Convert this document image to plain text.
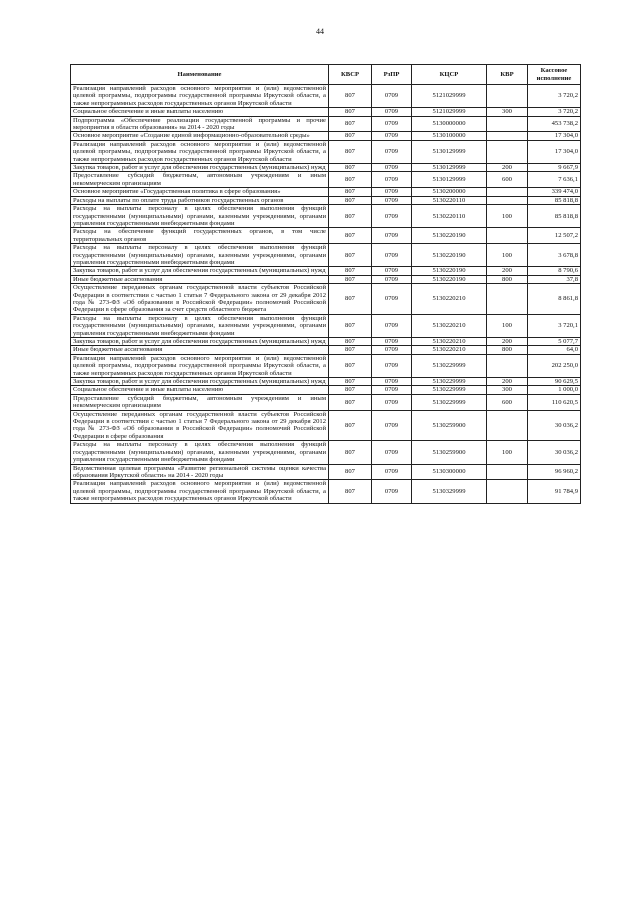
44
Наименование	КВСР	РзПР	КЦСР	КВР	Кассовое исполнение
Реализация направлений расходов основного мероприятия и (или) ведомственной целевой программы, подпрограммы государственной программы Иркутской области, а также непрограммных расходов государственных органов Иркутской области	807	0709	5121029999		3 720,2
Социальное обеспечение и иные выплаты населению	807	0709	5121029999	300	3 720,2
Подпрограмма «Обеспечение реализации государственной программы и прочие мероприятия в области образования» на 2014 - 2020 годы	807	0709	5130000000		453 738,2
Основное мероприятие «Создание единой информационно-образовательной среды»	807	0709	5130100000		17 304,0
Реализация направлений расходов основного мероприятия и (или) ведомственной целевой программы, подпрограммы государственной программы Иркутской области, а также непрограммных расходов государственных органов Иркутской области	807	0709	5130129999		17 304,0
Закупка товаров, работ и услуг для обеспечения государственных (муниципальных) нужд	807	0709	5130129999	200	9 667,9
Предоставление субсидий бюджетным, автономным учреждениям и иным некоммерческим организациям	807	0709	5130129999	600	7 636,1
Основное мероприятие «Государственная политика в сфере образования»	807	0709	5130200000		339 474,0
Расходы на выплаты по оплате труда работников государственных органов	807	0709	5130220110		85 818,8
Расходы на выплаты персоналу в целях обеспечения выполнения функций государственными (муниципальными) органами, казенными учреждениями, органами управления государственными внебюджетными фондами	807	0709	5130220110	100	85 818,8
Расходы на обеспечение функций государственных органов, в том числе территориальных органов	807	0709	5130220190		12 507,2
Расходы на выплаты персоналу в целях обеспечения выполнения функций государственными (муниципальными) органами, казенными учреждениями, органами управления государственными внебюджетными фондами	807	0709	5130220190	100	3 678,8
Закупка товаров, работ и услуг для обеспечения государственных (муниципальных) нужд	807	0709	5130220190	200	8 790,6
Иные бюджетные ассигнования	807	0709	5130220190	800	37,8
Осуществление переданных органам государственной власти субъектов Российской Федерации в соответствии с частью 1 статьи 7 Федерального закона от 29 декабря 2012 года № 273-ФЗ «Об образовании в Российской Федерации» полномочий Российской Федерации в сфере образования за счет средств областного бюджета	807	0709	5130220210		8 861,8
Расходы на выплаты персоналу в целях обеспечения выполнения функций государственными (муниципальными) органами, казенными учреждениями, органами управления государственными внебюджетными фондами	807	0709	5130220210	100	3 720,1
Закупка товаров, работ и услуг для обеспечения государственных (муниципальных) нужд	807	0709	5130220210	200	5 077,7
Иные бюджетные ассигнования	807	0709	5130220210	800	64,0
Реализация направлений расходов основного мероприятия и (или) ведомственной целевой программы, подпрограммы государственной программы Иркутской области, а также непрограммных расходов государственных органов Иркутской области	807	0709	5130229999		202 250,0
Закупка товаров, работ и услуг для обеспечения государственных (муниципальных) нужд	807	0709	5130229999	200	90 629,5
Социальное обеспечение и иные выплаты населению	807	0709	5130229999	300	1 000,0
Предоставление субсидий бюджетным, автономным учреждениям и иным некоммерческим организациям	807	0709	5130229999	600	110 620,5
Осуществление переданных органам государственной власти субъектов Российской Федерации в соответствии с частью 1 статьи 7 Федерального закона от 29 декабря 2012 года № 273-ФЗ «Об образовании в Российской Федерации» полномочий Российской Федерации в сфере образования	807	0709	5130259900		30 036,2
Расходы на выплаты персоналу в целях обеспечения выполнения функций государственными (муниципальными) органами, казенными учреждениями, органами управления государственными внебюджетными фондами	807	0709	5130259900	100	30 036,2
Ведомственная целевая программа «Развитие региональной системы оценки качества образования Иркутской области» на 2014 - 2020 годы	807	0709	5130300000		96 960,2
Реализация направлений расходов основного мероприятия и (или) ведомственной целевой программы, подпрограммы государственной программы Иркутской области, а также непрограммных расходов государственных органов Иркутской области	807	0709	5130329999		91 784,9
